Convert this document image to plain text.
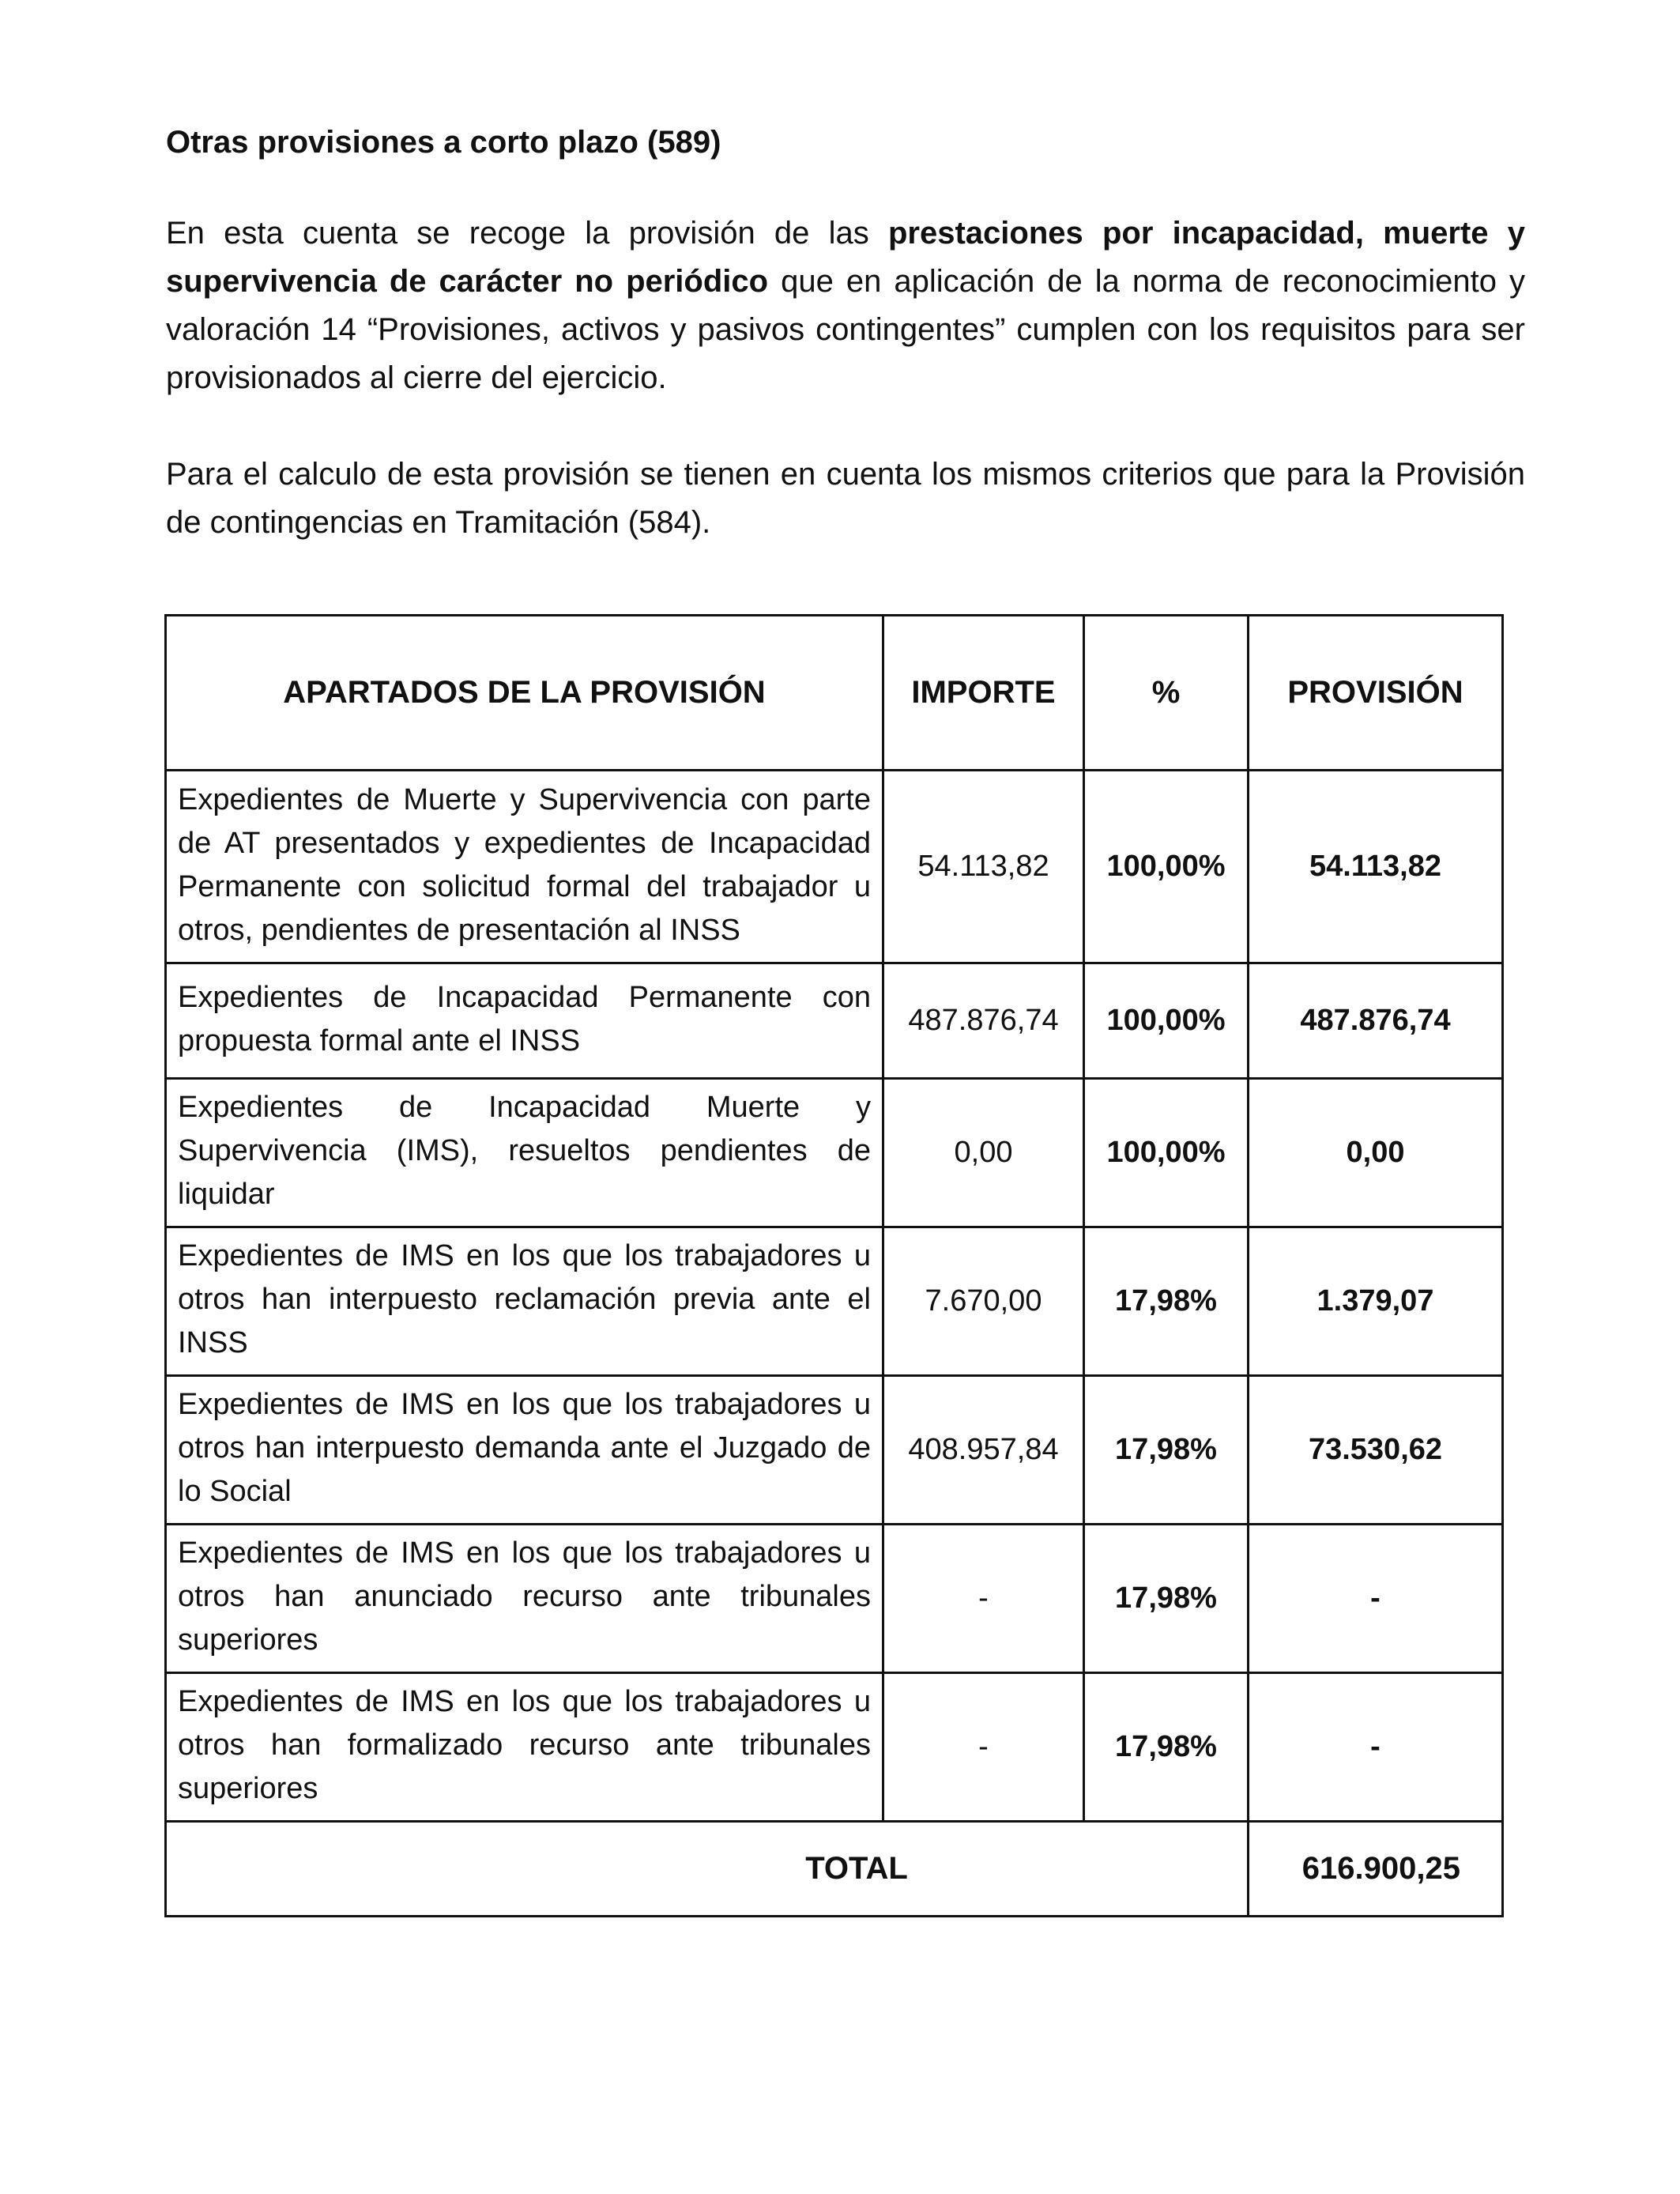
Otras provisiones a corto plazo (589)

En esta cuenta se recoge la provisión de las prestaciones por incapacidad, muerte y supervivencia de carácter no periódico que en aplicación de la norma de reconocimiento y valoración 14 “Provisiones, activos y pasivos contingentes” cumplen con los requisitos para ser provisionados al cierre del ejercicio.

Para el calculo de esta provisión se tienen en cuenta los mismos criterios que para la Provisión de contingencias en Tramitación (584).

APARTADOS DE LA PROVISIÓN	IMPORTE	%	PROVISIÓN
Expedientes de Muerte y Supervivencia con parte de AT presentados y expedientes de Incapacidad Permanente con solicitud formal del trabajador u otros, pendientes de presentación al INSS	54.113,82	100,00%	54.113,82
Expedientes de Incapacidad Permanente con propuesta formal ante el INSS	487.876,74	100,00%	487.876,74
Expedientes de Incapacidad Muerte y Supervivencia (IMS), resueltos pendientes de liquidar	0,00	100,00%	0,00
Expedientes de IMS en los que los trabajadores u otros han interpuesto reclamación previa ante el INSS	7.670,00	17,98%	1.379,07
Expedientes de IMS en los que los trabajadores u otros han interpuesto demanda ante el Juzgado de lo Social	408.957,84	17,98%	73.530,62
Expedientes de IMS en los que los trabajadores u otros han anunciado recurso ante tribunales superiores	-	17,98%	-
Expedientes de IMS en los que los trabajadores u otros han formalizado recurso ante tribunales superiores	-	17,98%	-
TOTAL			616.900,25
